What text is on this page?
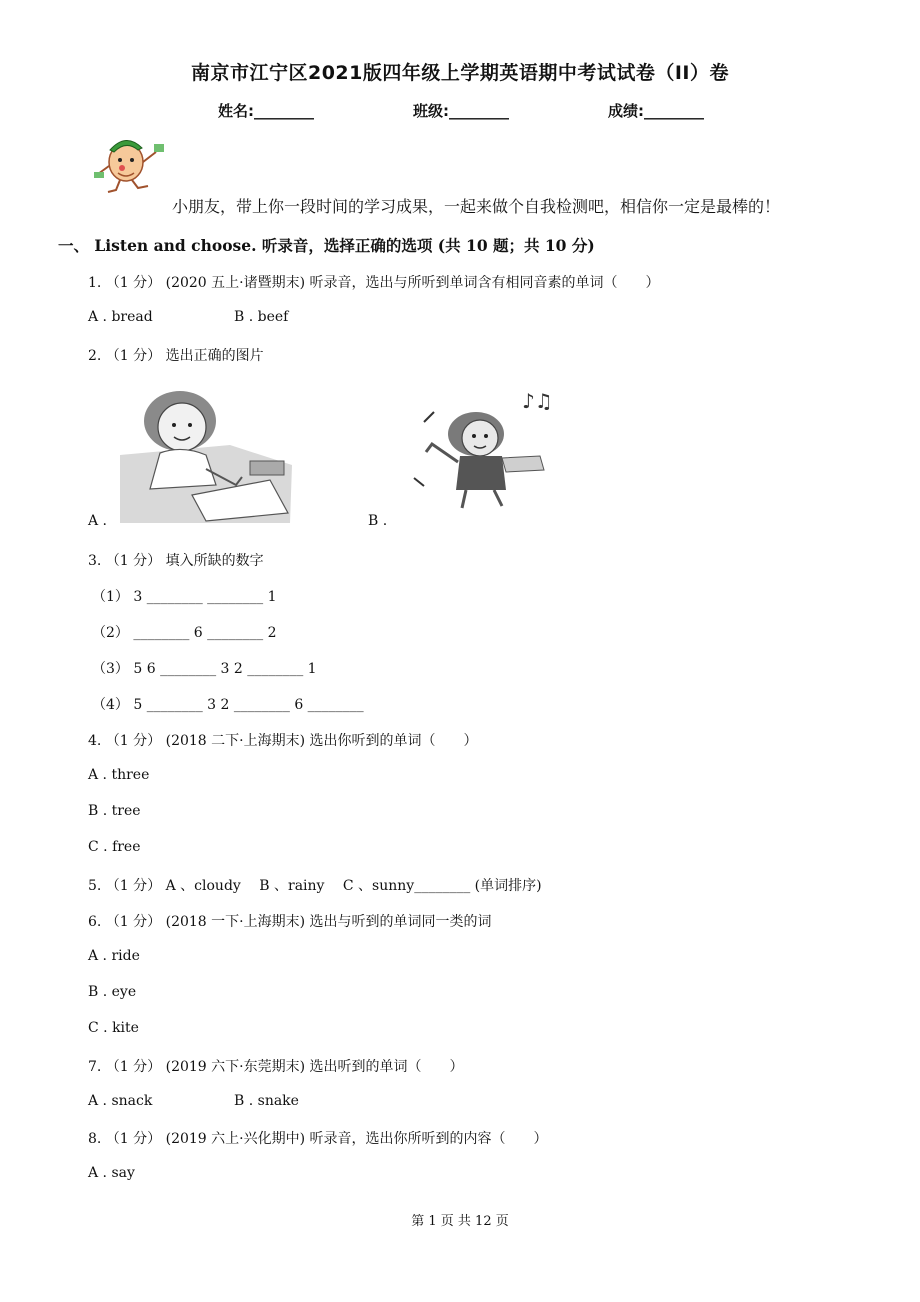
南京市江宁区2021版四年级上学期英语期中考试试卷（II）卷
姓名:________	班级:________	成绩:________
小朋友，带上你一段时间的学习成果，一起来做个自我检测吧，相信你一定是最棒的！
一、 Listen and choose. 听录音，选择正确的选项 (共 10 题；共 10 分)
1. （1 分） (2020 五上·诸暨期末) 听录音，选出与所听到单词含有相同音素的单词（　　）
A . bread	B . beef
2. （1 分） 选出正确的图片
♪♫
A .	B .
3. （1 分） 填入所缺的数字
（1） 3 ________ ________ 1
（2） ________ 6 ________ 2
（3） 5 6 ________ 3 2 ________ 1
（4） 5 ________ 3 2 ________ 6 ________
4. （1 分） (2018 二下·上海期末) 选出你听到的单词（　　）
A . three
B . tree
C . free
5. （1 分） A 、cloudy　 B 、rainy　 C 、sunny________ (单词排序)
6. （1 分） (2018 一下·上海期末) 选出与听到的单词同一类的词
A . ride
B . eye
C . kite
7. （1 分） (2019 六下·东莞期末) 选出听到的单词（　　）
A . snack	B . snake
8. （1 分） (2019 六上·兴化期中) 听录音，选出你所听到的内容（　　）
A . say
第 1 页 共 12 页
